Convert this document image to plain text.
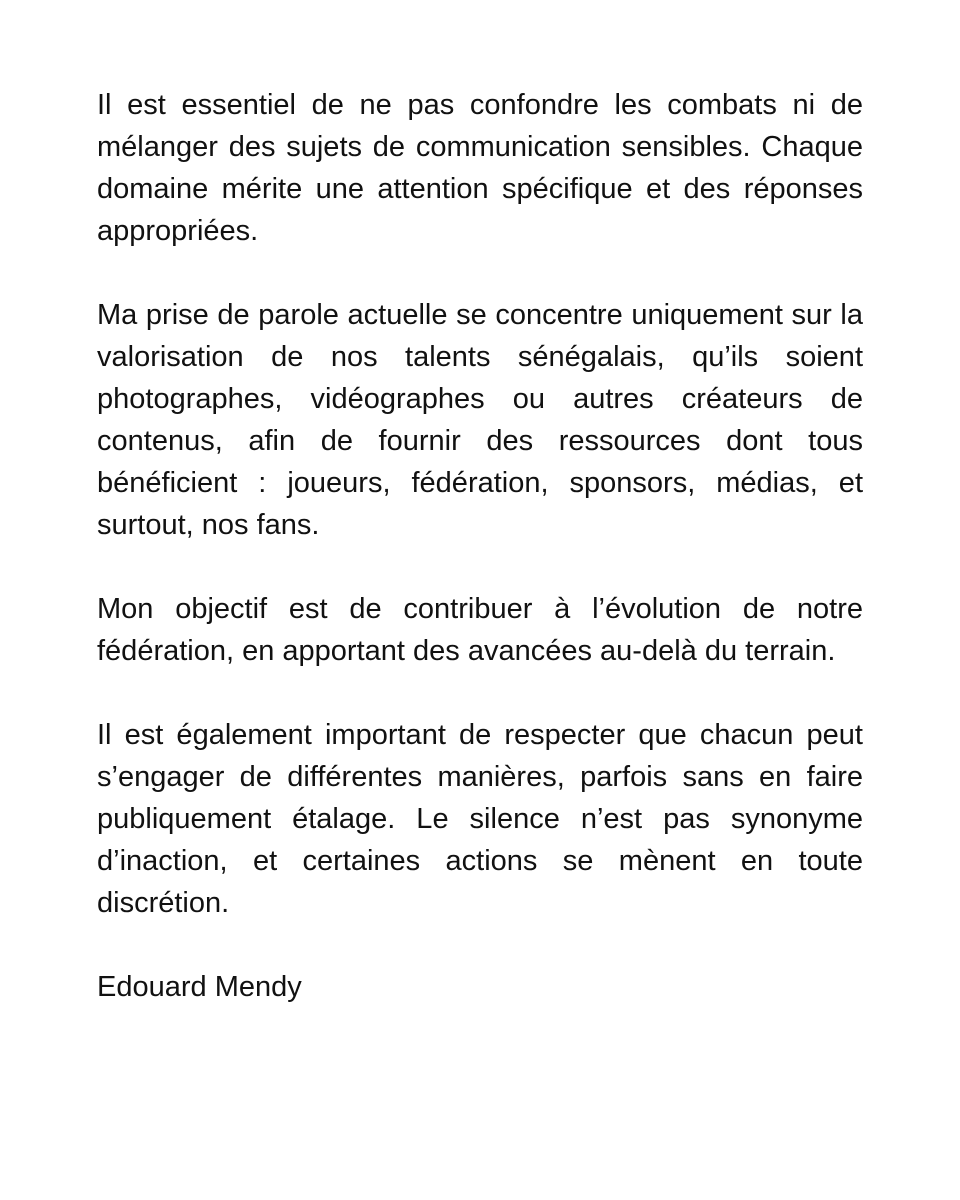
Il est essentiel de ne pas confondre les combats ni de mélanger des sujets de communication sensibles. Chaque domaine mérite une attention spécifique et des réponses appropriées.

Ma prise de parole actuelle se concentre uniquement sur la valorisation de nos talents sénégalais, qu’ils soient photographes, vidéographes ou autres créateurs de contenus, afin de fournir des ressources dont tous bénéficient : joueurs, fédération, sponsors, médias, et surtout, nos fans.

Mon objectif est de contribuer à l’évolution de notre fédération, en apportant des avancées au-delà du terrain.

Il est également important de respecter que chacun peut s’engager de différentes manières, parfois sans en faire publiquement étalage. Le silence n’est pas synonyme d’inaction, et certaines actions se mènent en toute discrétion.

Edouard Mendy
